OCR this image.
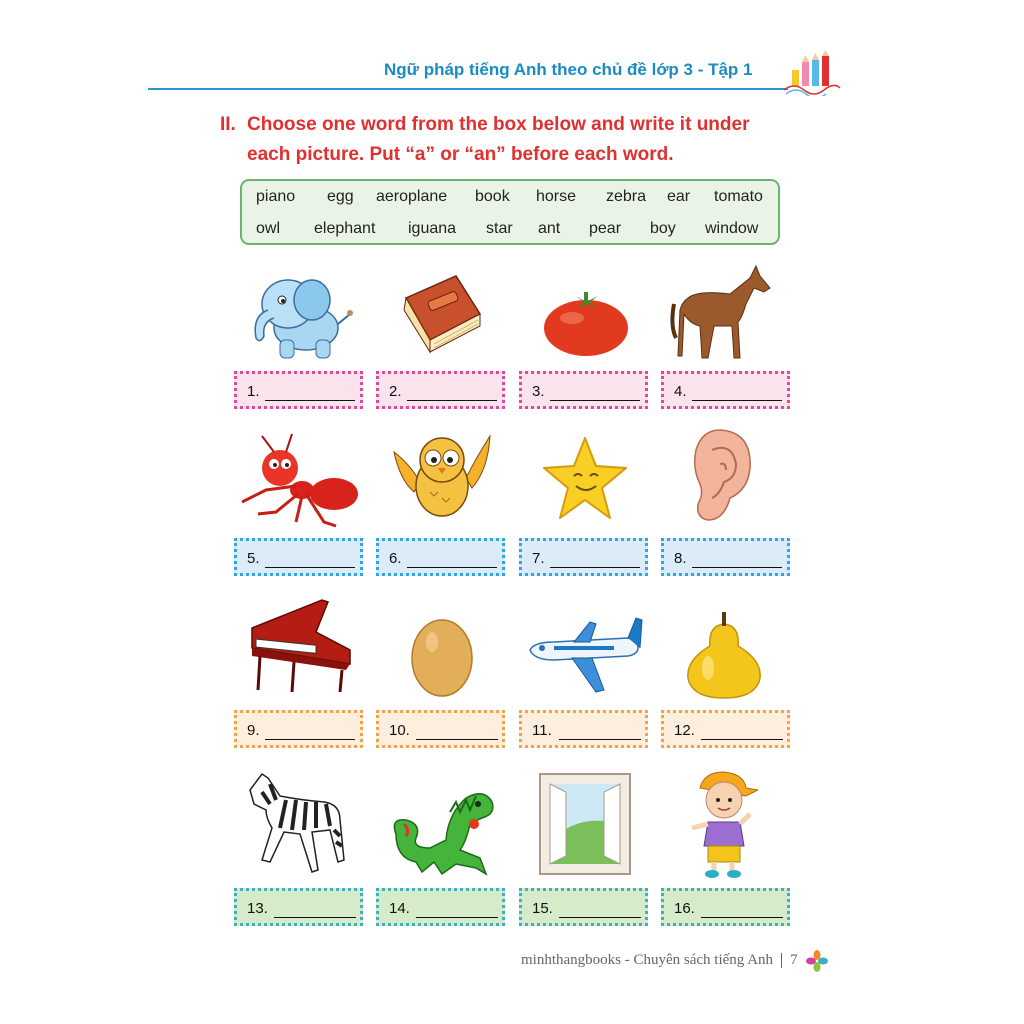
Ngữ pháp tiếng Anh theo chủ đề lớp 3 - Tập 1
II. Choose one word from the box below and write it under
each picture. Put “a” or “an” before each word.
piano egg aeroplane book horse zebra ear tomato
owl elephant iguana star ant pear boy window
1.	2.	3.	4.
5.	6.	7.	8.
9.	10.	11.	12.
13.	14.	15.	16.
minhthangbooks - Chuyên sách tiếng Anh 7
